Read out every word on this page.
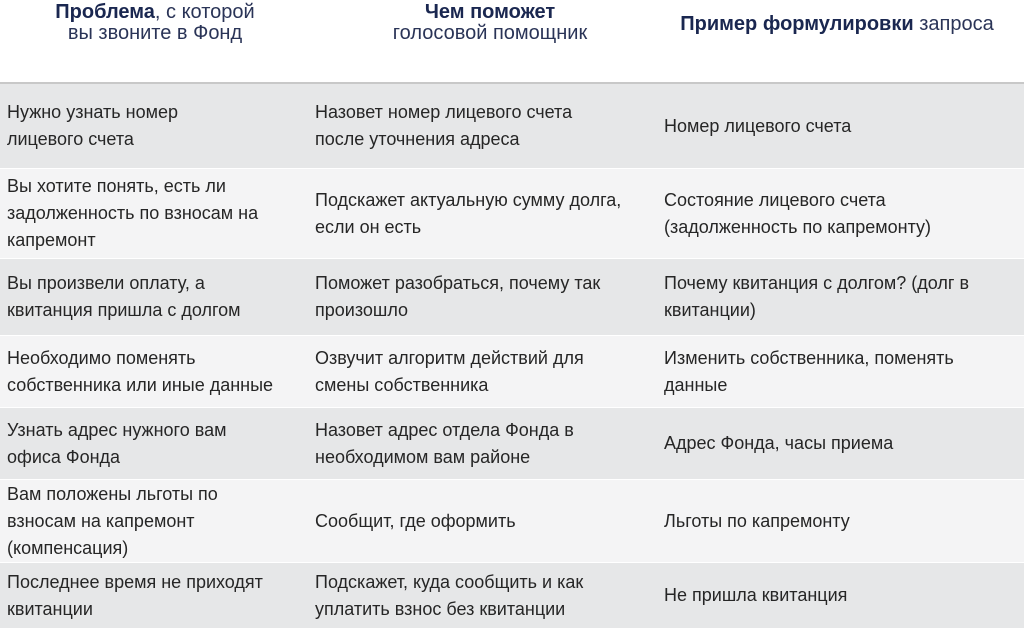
Проблема, с которой
вы звоните в Фонд
Чем поможет
голосовой помощник	Пример формулировки запроса
Нужно узнать номер лицевого счета
Назовет номер лицевого счета после уточнения адреса
Номер лицевого счета
Вы хотите понять, есть ли задолженность по взносам на капремонт
Подскажет актуальную сумму долга, если он есть
Состояние лицевого счета (задолженность по капремонту)
Вы произвели оплату, а квитанция пришла с долгом
Поможет разобраться, почему так произошло
Почему квитанция с долгом? (долг в квитанции)
Необходимо поменять собственника или иные данные
Озвучит алгоритм действий для смены собственника
Изменить собственника, поменять данные
Узнать адрес нужного вам офиса Фонда
Назовет адрес отдела Фонда в необходимом вам районе
Адрес Фонда, часы приема
Вам положены льготы по взносам на капремонт (компенсация)
Сообщит, где оформить	Льготы по капремонту
Последнее время не приходят квитанции
Подскажет, куда сообщить и как уплатить взнос без квитанции
Не пришла квитанция
